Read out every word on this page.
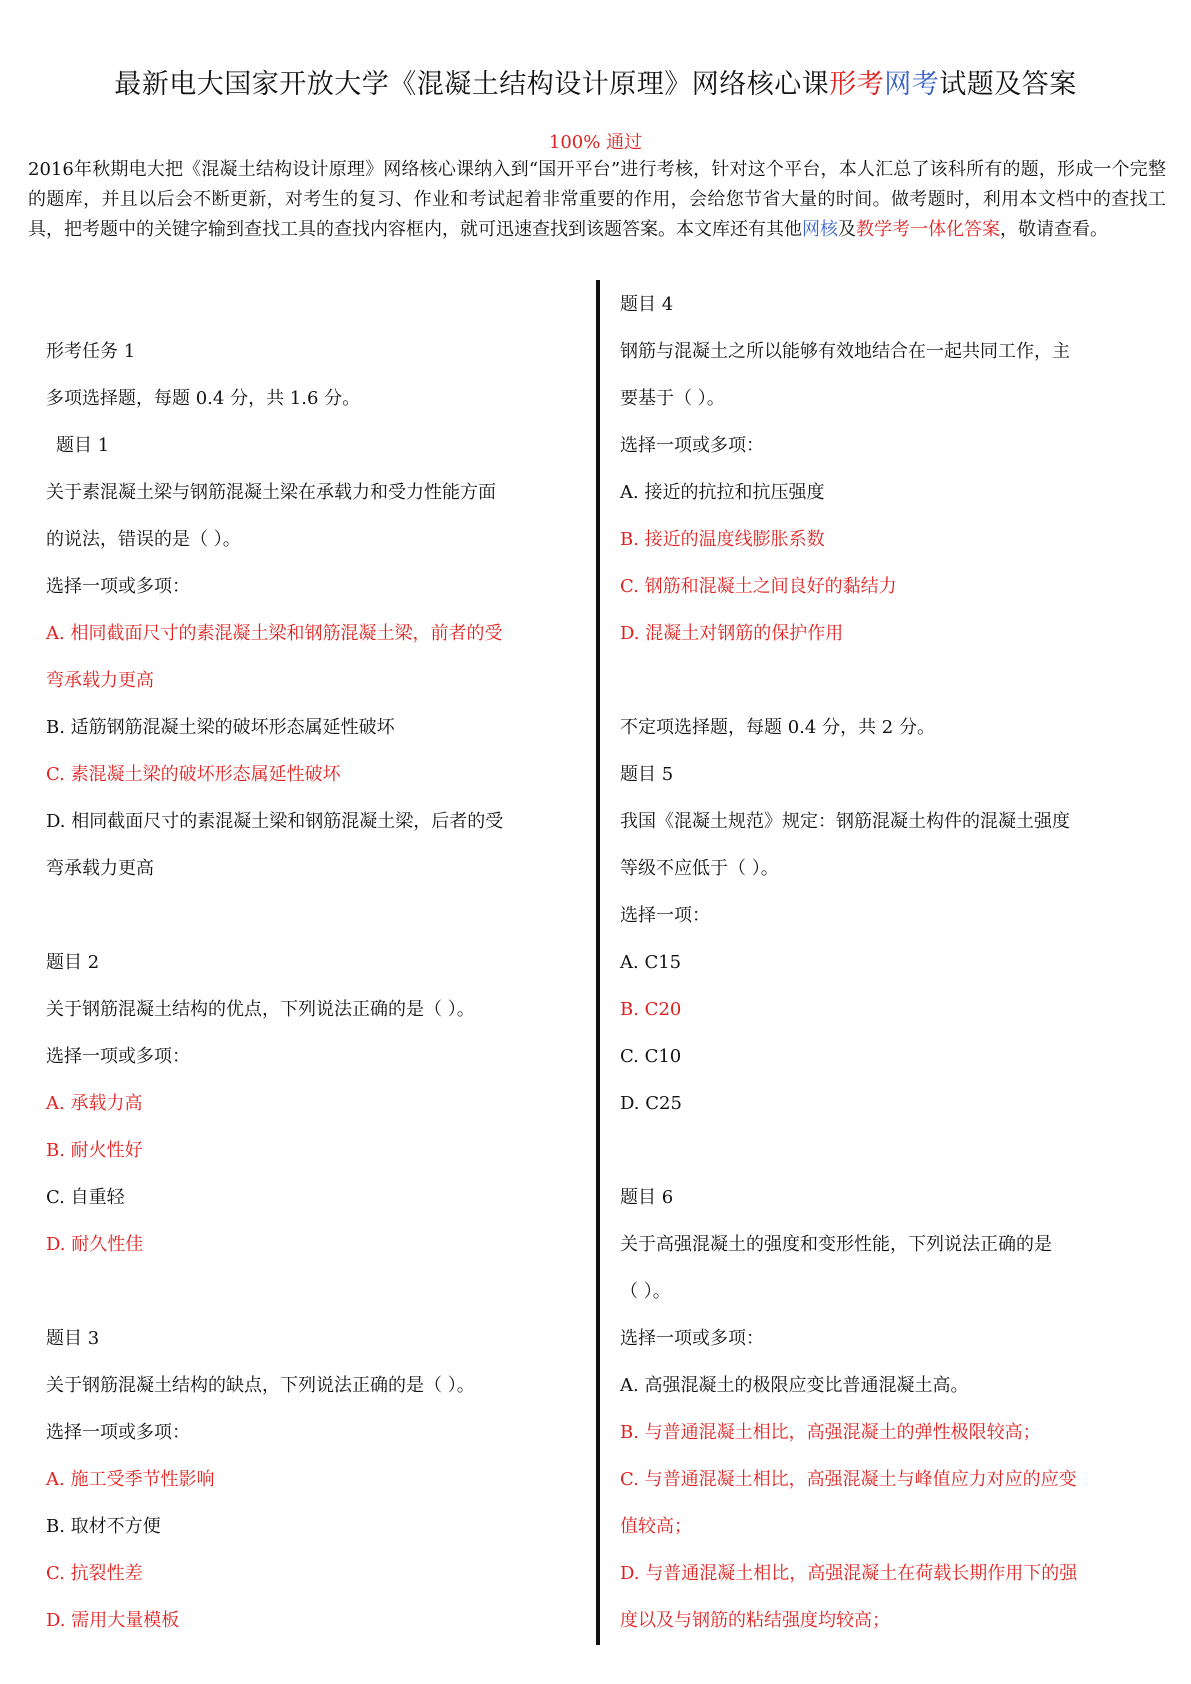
最新电大国家开放大学《混凝土结构设计原理》网络核心课形考网考试题及答案
100% 通过
2016年秋期电大把《混凝土结构设计原理》网络核心课纳入到“国开平台”进行考核，针对这个平台，本人汇总了该科所有的题，形成一个完整的题库，并且以后会不断更新，对考生的复习、作业和考试起着非常重要的作用，会给您节省大量的时间。做考题时，利用本文档中的查找工具，把考题中的关键字输到查找工具的查找内容框内，就可迅速查找到该题答案。本文库还有其他网核及教学考一体化答案，敬请查看。
形考任务 1
多项选择题，每题 0.4 分，共 1.6 分。
题目 1
关于素混凝土梁与钢筋混凝土梁在承载力和受力性能方面
的说法，错误的是（ ）。
选择一项或多项：
A. 相同截面尺寸的素混凝土梁和钢筋混凝土梁，前者的受
弯承载力更高
B. 适筋钢筋混凝土梁的破坏形态属延性破坏
C. 素混凝土梁的破坏形态属延性破坏
D. 相同截面尺寸的素混凝土梁和钢筋混凝土梁，后者的受
弯承载力更高
题目 2
关于钢筋混凝土结构的优点，下列说法正确的是（ ）。
选择一项或多项：
A. 承载力高
B. 耐火性好
C. 自重轻
D. 耐久性佳
题目 3
关于钢筋混凝土结构的缺点，下列说法正确的是（ ）。
选择一项或多项：
A. 施工受季节性影响
B. 取材不方便
C. 抗裂性差
D. 需用大量模板
题目 4
钢筋与混凝土之所以能够有效地结合在一起共同工作，主
要基于（ ）。
选择一项或多项：
A. 接近的抗拉和抗压强度
B. 接近的温度线膨胀系数
C. 钢筋和混凝土之间良好的黏结力
D. 混凝土对钢筋的保护作用
不定项选择题，每题 0.4 分，共 2 分。
题目 5
我国《混凝土规范》规定：钢筋混凝土构件的混凝土强度
等级不应低于（ ）。
选择一项：
A. C15
B. C20
C. C10
D. C25
题目 6
关于高强混凝土的强度和变形性能，下列说法正确的是
（ ）。
选择一项或多项：
A. 高强混凝土的极限应变比普通混凝土高。
B. 与普通混凝土相比，高强混凝土的弹性极限较高；
C. 与普通混凝土相比，高强混凝土与峰值应力对应的应变
值较高；
D. 与普通混凝土相比，高强混凝土在荷载长期作用下的强
度以及与钢筋的粘结强度均较高；
